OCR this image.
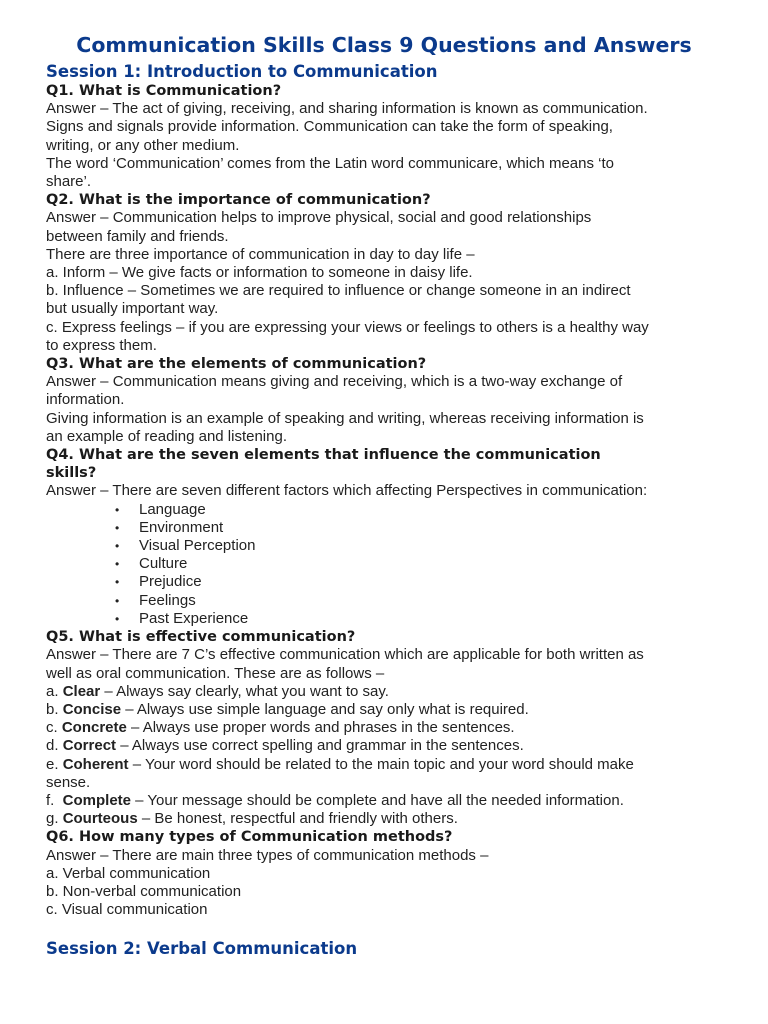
Communication Skills Class 9 Questions and Answers
Session 1: Introduction to Communication
Q1. What is Communication?
Answer – The act of giving, receiving, and sharing information is known as communication.
Signs and signals provide information. Communication can take the form of speaking,
writing, or any other medium.
The word ‘Communication’ comes from the Latin word communicare, which means ‘to
share’.
Q2. What is the importance of communication?
Answer – Communication helps to improve physical, social and good relationships
between family and friends.
There are three importance of communication in day to day life –
a. Inform – We give facts or information to someone in daisy life.
b. Influence – Sometimes we are required to influence or change someone in an indirect
but usually important way.
c. Express feelings – if you are expressing your views or feelings to others is a healthy way
to express them.
Q3. What are the elements of communication?
Answer – Communication means giving and receiving, which is a two-way exchange of
information.
Giving information is an example of speaking and writing, whereas receiving information is
an example of reading and listening.
Q4. What are the seven elements that influence the communication
skills?
Answer – There are seven different factors which affecting Perspectives in communication:
• Language
• Environment
• Visual Perception
• Culture
• Prejudice
• Feelings
• Past Experience
Q5. What is effective communication?
Answer – There are 7 C’s effective communication which are applicable for both written as
well as oral communication. These are as follows –
a. Clear – Always say clearly, what you want to say.
b. Concise – Always use simple language and say only what is required.
c. Concrete – Always use proper words and phrases in the sentences.
d. Correct – Always use correct spelling and grammar in the sentences.
e. Coherent – Your word should be related to the main topic and your word should make
sense.
f.  Complete – Your message should be complete and have all the needed information.
g. Courteous – Be honest, respectful and friendly with others.
Q6. How many types of Communication methods?
Answer – There are main three types of communication methods –
a. Verbal communication
b. Non-verbal communication
c. Visual communication
Session 2: Verbal Communication
